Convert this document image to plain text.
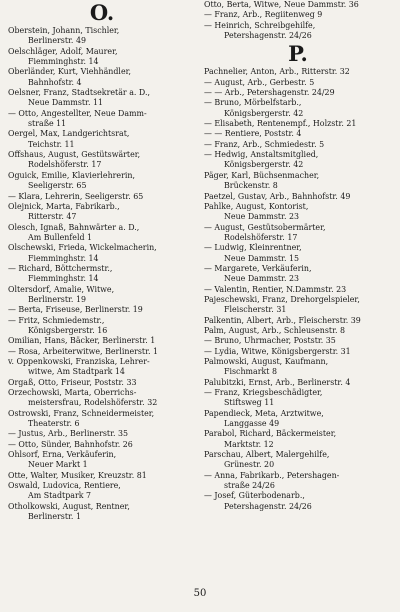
O.
Oberstein, Johann, Tischler,
Berlinerstr. 49
Oelschläger, Adolf, Maurer,
Fiemminghstr. 14
Oberländer, Kurt, Viehhändler,
Bahnhofstr. 4
Oelsner, Franz, Stadtsekretär a. D.,
Neue Dammstr. 11
— Otto, Angestellter, Neue Damm-
straße 11
Oergel, Max, Landgerichtsrat,
Teichstr. 11
Offshaus, August, Gestütswärter,
Rodelshöferstr. 17
Oguick, Emilie, Klavierlehrerin,
Seeligerstr. 65
— Klara, Lehrerin, Seeligerstr. 65
Olejnick, Marta, Fabrikarb.,
Ritterstr. 47
Olesch, Ignaß, Bahnwärter a. D.,
Am Bullenfeld 1
Olschewski, Frieda, Wickelmacherin,
Fiemminghstr. 14
— Richard, Böttchermstr.,
Fiemminghstr. 14
Oltersdorf, Amalie, Witwe,
Berlinerstr. 19
— Berta, Friseuse, Berlinerstr. 19
— Fritz, Schmiedemstr.,
Königsbergerstr. 16
Omilian, Hans, Bäcker, Berlinerstr. 1
— Rosa, Arbeiterwitwe, Berlinerstr. 1
v. Oppenkowski, Franziska, Lehrer-
witwe, Am Stadtpark 14
Orgaß, Otto, Friseur, Poststr. 33
Orzechowski, Marta, Oberrichs-
meistersfrau, Rodelshöferstr. 32
Ostrowski, Franz, Schneidermeister,
Theaterstr. 6
— Justus, Arb., Berlinerstr. 35
— Otto, Sünder, Bahnhofstr. 26
Ohlsorf, Erna, Verkäuferin,
Neuer Markt 1
Otte, Walter, Musiker, Kreuzstr. 81
Oswald, Ludovica, Rentiere,
Am Stadtpark 7
Otholkowski, August, Rentner,
Berlinerstr. 1
Otto, Berta, Witwe, Neue Dammstr. 36
— Franz, Arb., Regiitenweg 9
— Heinrich, Schreibgehilfe,
Petershagenstr. 24/26
P.
Pachnelier, Anton, Arb., Ritterstr. 32
— August, Arb., Gerbestr. 5
— — Arb., Petershagenstr. 24/29
— Bruno, Mörbelfstarb.,
Königsbergerstr. 42
— Elisabeth, Rentenempf., Holzstr. 21
— — Rentiere, Poststr. 4
— Franz, Arb., Schmiedestr. 5
— Hedwig, Anstaltsmitglied,
Königsbergerstr. 42
Päger, Karl, Büchsenmacher,
Brückenstr. 8
Paetzel, Gustav, Arb., Bahnhofstr. 49
Pahlke, August, Kontorist,
Neue Dammstr. 23
— August, Gestütsobermärter,
Rodelshöferstr. 17
— Ludwig, Kleinrentner,
Neue Dammstr. 15
— Margarete, Verkäuferin,
Neue Dammstr. 23
— Valentin, Rentier, N.Dammstr. 23
Pajeschewski, Franz, Drehorgelspieler,
Fleischerstr. 31
Palkentin, Albert, Arb., Fleischerstr. 39
Palm, August, Arb., Schleusenstr. 8
— Bruno, Uhrmacher, Poststr. 35
— Lydia, Witwe, Königsbergerstr. 31
Palmowski, August, Kaufmann,
Fischmarkt 8
Palubitzki, Ernst, Arb., Berlinerstr. 4
— Franz, Kriegsbeschädigter,
Stiftsweg 11
Papendieck, Meta, Arztwitwe,
Langgasse 49
Parabol, Richard, Bäckermeister,
Marktstr. 12
Parschau, Albert, Malergehilfe,
Grünestr. 20
— Anna, Fabrikarb., Petershagen-
straße 24/26
— Josef, Güterbodenarb.,
Petershagenstr. 24/26
50
